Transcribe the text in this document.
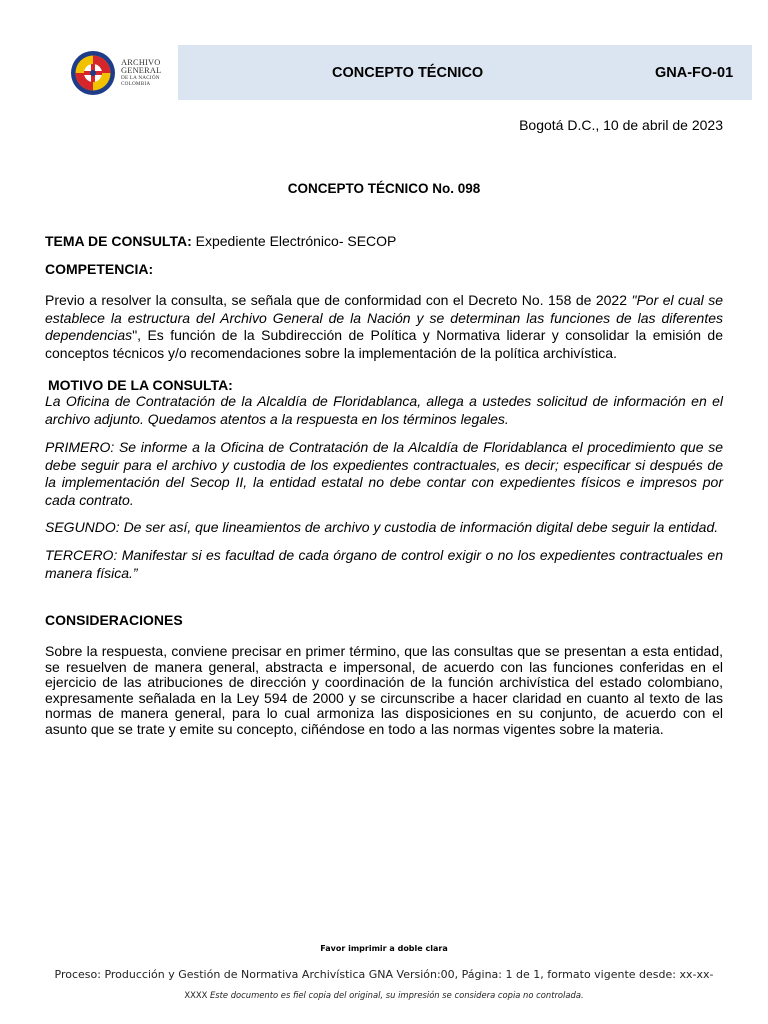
ARCHIVO
GENERAL
DE LA NACIÓN
COLOMBIA
CONCEPTO TÉCNICO	GNA-FO-01
Bogotá D.C., 10 de abril de 2023
CONCEPTO TÉCNICO No. 098
TEMA DE CONSULTA: Expediente Electrónico- SECOP
COMPETENCIA:
Previo a resolver la consulta, se señala que de conformidad con el Decreto No. 158 de 2022 "Por el cual se establece la estructura del Archivo General de la Nación y se determinan las funciones de las diferentes dependencias", Es función de la Subdirección de Política y Normativa liderar y consolidar la emisión de conceptos técnicos y/o recomendaciones sobre la implementación de la política archivística.
MOTIVO DE LA CONSULTA:
La Oficina de Contratación de la Alcaldía de Floridablanca, allega a ustedes solicitud de información en el archivo adjunto. Quedamos atentos a la respuesta en los términos legales.
PRIMERO: Se informe a la Oficina de Contratación de la Alcaldía de Floridablanca el procedimiento que se debe seguir para el archivo y custodia de los expedientes contractuales, es decir; especificar si después de la implementación del Secop II, la entidad estatal no debe contar con expedientes físicos e impresos por cada contrato.
SEGUNDO: De ser así, que lineamientos de archivo y custodia de información digital debe seguir la entidad.
TERCERO: Manifestar si es facultad de cada órgano de control exigir o no los expedientes contractuales en manera física.”
CONSIDERACIONES
Sobre la respuesta, conviene precisar en primer término, que las consultas que se presentan a esta entidad, se resuelven de manera general, abstracta e impersonal, de acuerdo con las funciones conferidas en el ejercicio de las atribuciones de dirección y coordinación de la función archivística del estado colombiano, expresamente señalada en la Ley 594 de 2000 y se circunscribe a hacer claridad en cuanto al texto de las normas de manera general, para lo cual armoniza las disposiciones en su conjunto, de acuerdo con el asunto que se trate y emite su concepto, ciñéndose en todo a las normas vigentes sobre la materia.
Favor imprimir a doble clara
Proceso: Producción y Gestión de Normativa Archivística GNA Versión:00, Página: 1 de 1, formato vigente desde: xx-xx-
XXXX Este documento es fiel copia del original, su impresión se considera copia no controlada.
